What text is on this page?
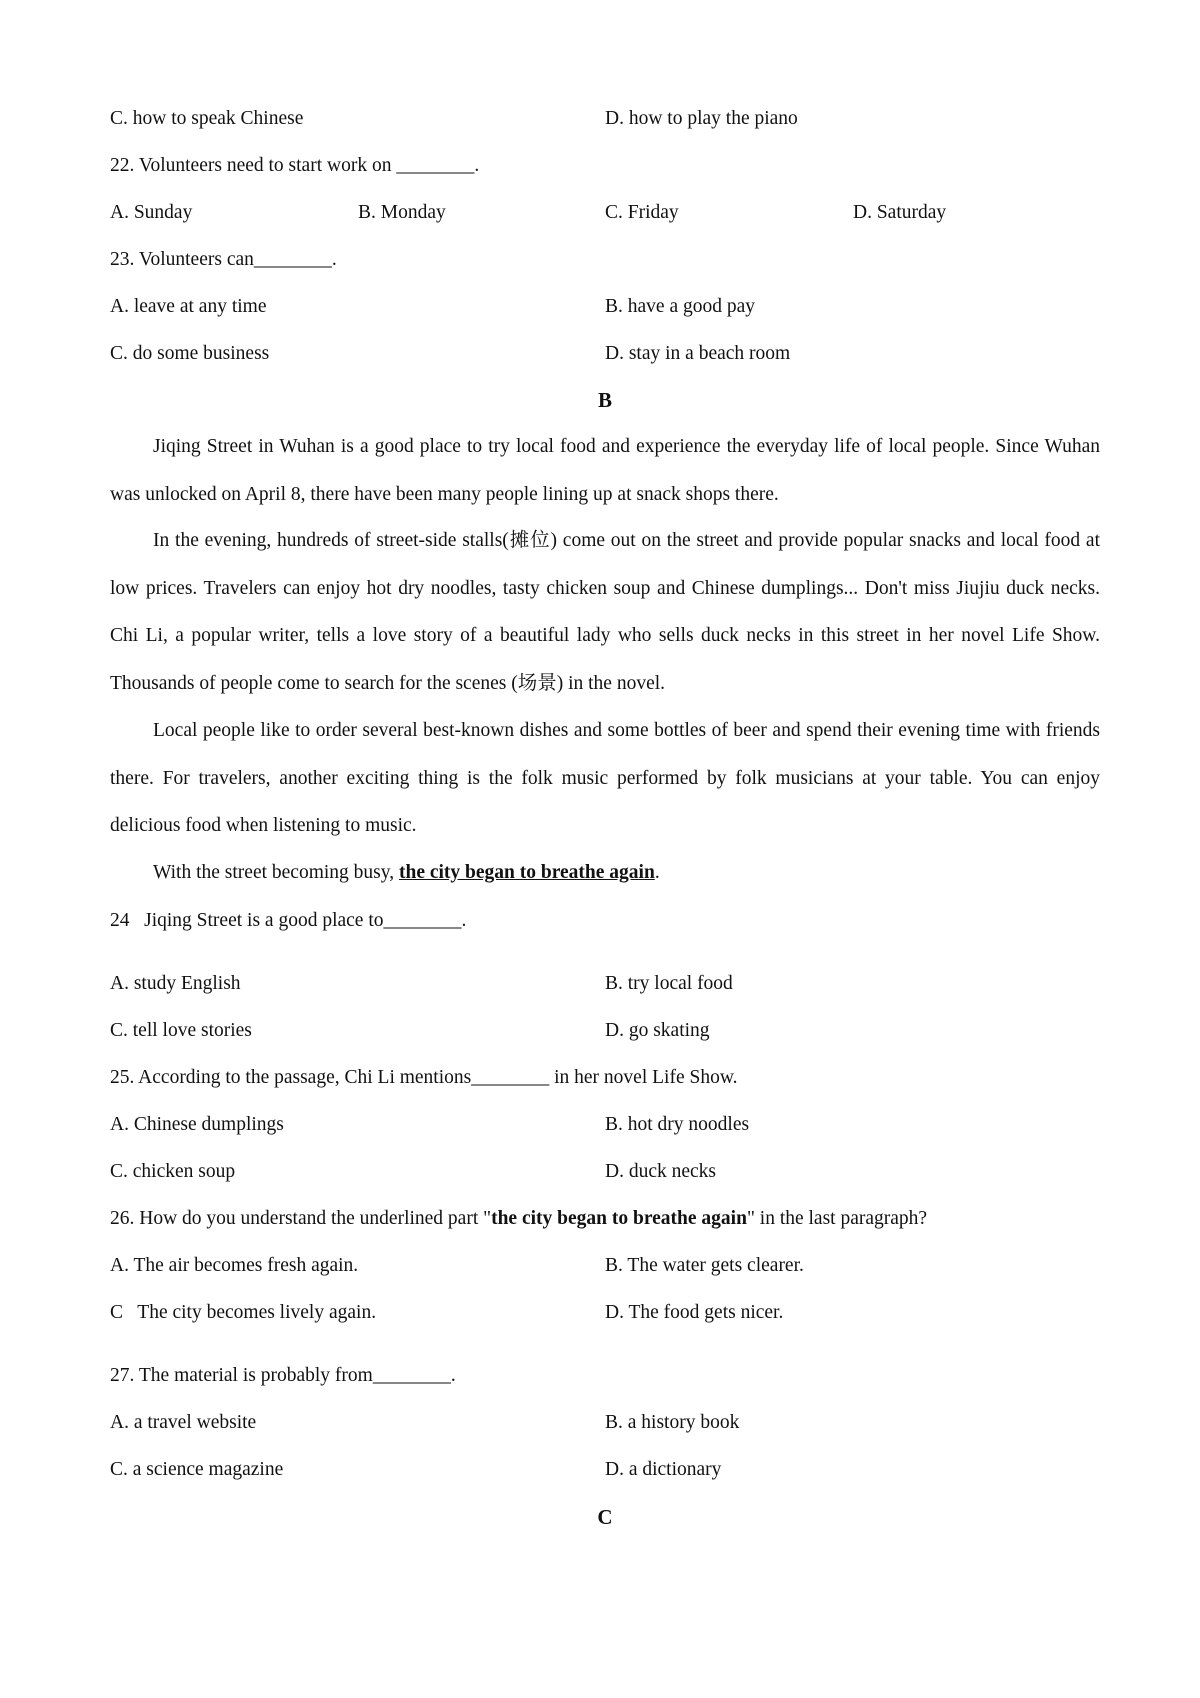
C. how to speak Chinese	D. how to play the piano
22. Volunteers need to start work on ________.
A. Sunday	B. Monday	C. Friday	D. Saturday
23. Volunteers can________.
A. leave at any time	B. have a good pay
C. do some business	D. stay in a beach room
B
Jiqing Street in Wuhan is a good place to try local food and experience the everyday life of local people. Since Wuhan was unlocked on April 8, there have been many people lining up at snack shops there.
In the evening, hundreds of street-side stalls(摊位) come out on the street and provide popular snacks and local food at low prices. Travelers can enjoy hot dry noodles, tasty chicken soup and Chinese dumplings... Don't miss Jiujiu duck necks. Chi Li, a popular writer, tells a love story of a beautiful lady who sells duck necks in this street in her novel Life Show. Thousands of people come to search for the scenes (场景) in the novel.
Local people like to order several best-known dishes and some bottles of beer and spend their evening time with friends there. For travelers, another exciting thing is the folk music performed by folk musicians at your table. You can enjoy delicious food when listening to music.
With the street becoming busy, the city began to breathe again.
24   Jiqing Street is a good place to________.
A. study English	B. try local food
C. tell love stories	D. go skating
25. According to the passage, Chi Li mentions________ in her novel Life Show.
A. Chinese dumplings	B. hot dry noodles
C. chicken soup	D. duck necks
26. How do you understand the underlined part "the city began to breathe again" in the last paragraph?
A. The air becomes fresh again.	B. The water gets clearer.
C   The city becomes lively again.	D. The food gets nicer.
27. The material is probably from________.
A. a travel website	B. a history book
C. a science magazine	D. a dictionary
C
